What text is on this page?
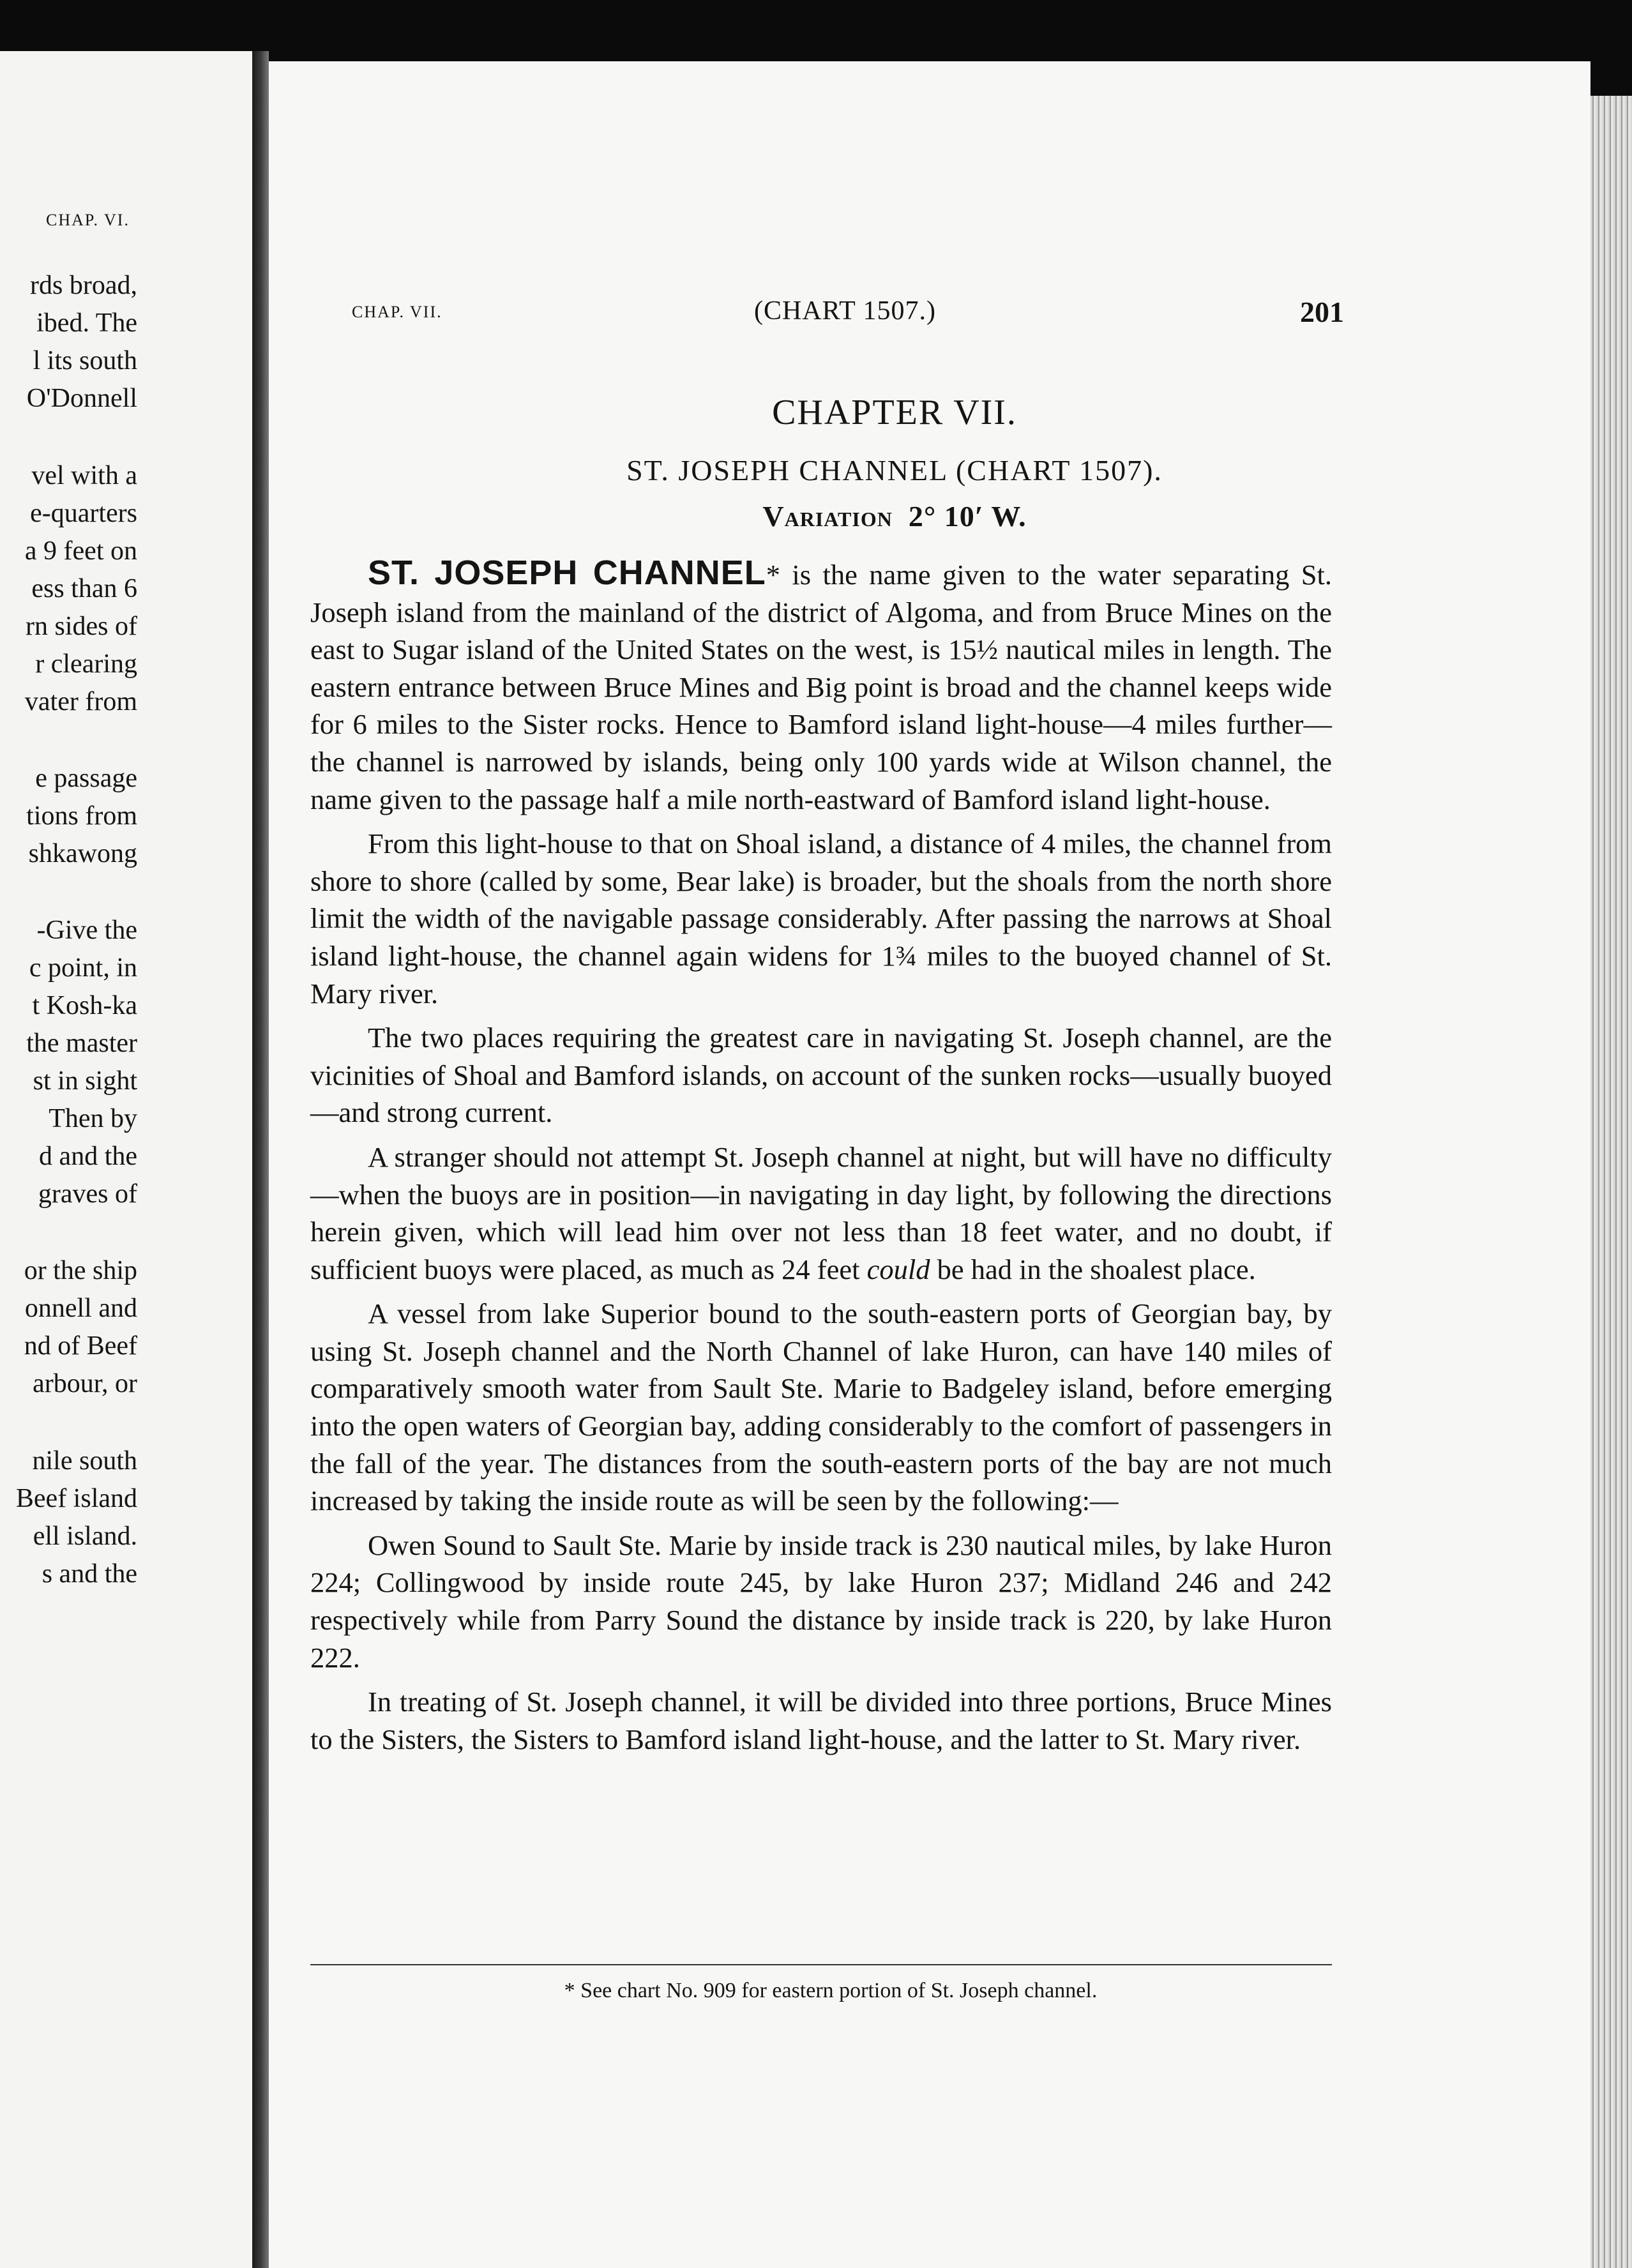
CHAP. VI.
rds broad,
ibed. The
l its south
O'Donnell
vel with a
e-quarters
a 9 feet on
ess than 6
rn sides of
r clearing
vater from
e passage
tions from
shkawong
-Give the
c point, in
t Kosh-ka
the master
st in sight
Then by
d and the
graves of
or the ship
onnell and
nd of Beef
arbour, or
nile south
Beef island
ell island.
s and the
CHAP. VII.	(CHART 1507.)	201
CHAPTER VII.
ST. JOSEPH CHANNEL (CHART 1507).
VARIATION 2° 10′ W.

ST. JOSEPH CHANNEL* is the name given to the water separating St. Joseph island from the mainland of the district of Algoma, and from Bruce Mines on the east to Sugar island of the United States on the west, is 15½ nautical miles in length. The eastern entrance between Bruce Mines and Big point is broad and the channel keeps wide for 6 miles to the Sister rocks. Hence to Bamford island light-house—4 miles further—the channel is narrowed by islands, being only 100 yards wide at Wilson channel, the name given to the passage half a mile north-eastward of Bamford island light-house.

From this light-house to that on Shoal island, a distance of 4 miles, the channel from shore to shore (called by some, Bear lake) is broader, but the shoals from the north shore limit the width of the navigable passage considerably. After passing the narrows at Shoal island light-house, the channel again widens for 1¾ miles to the buoyed channel of St. Mary river.

The two places requiring the greatest care in navigating St. Joseph channel, are the vicinities of Shoal and Bamford islands, on account of the sunken rocks—usually buoyed—and strong current.

A stranger should not attempt St. Joseph channel at night, but will have no difficulty—when the buoys are in position—in navigating in day light, by following the directions herein given, which will lead him over not less than 18 feet water, and no doubt, if sufficient buoys were placed, as much as 24 feet could be had in the shoalest place.

A vessel from lake Superior bound to the south-eastern ports of Georgian bay, by using St. Joseph channel and the North Channel of lake Huron, can have 140 miles of comparatively smooth water from Sault Ste. Marie to Badgeley island, before emerging into the open waters of Georgian bay, adding considerably to the comfort of passengers in the fall of the year. The distances from the south-eastern ports of the bay are not much increased by taking the inside route as will be seen by the following:—

Owen Sound to Sault Ste. Marie by inside track is 230 nautical miles, by lake Huron 224; Collingwood by inside route 245, by lake Huron 237; Midland 246 and 242 respectively while from Parry Sound the distance by inside track is 220, by lake Huron 222.

In treating of St. Joseph channel, it will be divided into three portions, Bruce Mines to the Sisters, the Sisters to Bamford island light-house, and the latter to St. Mary river.

* See chart No. 909 for eastern portion of St. Joseph channel.
